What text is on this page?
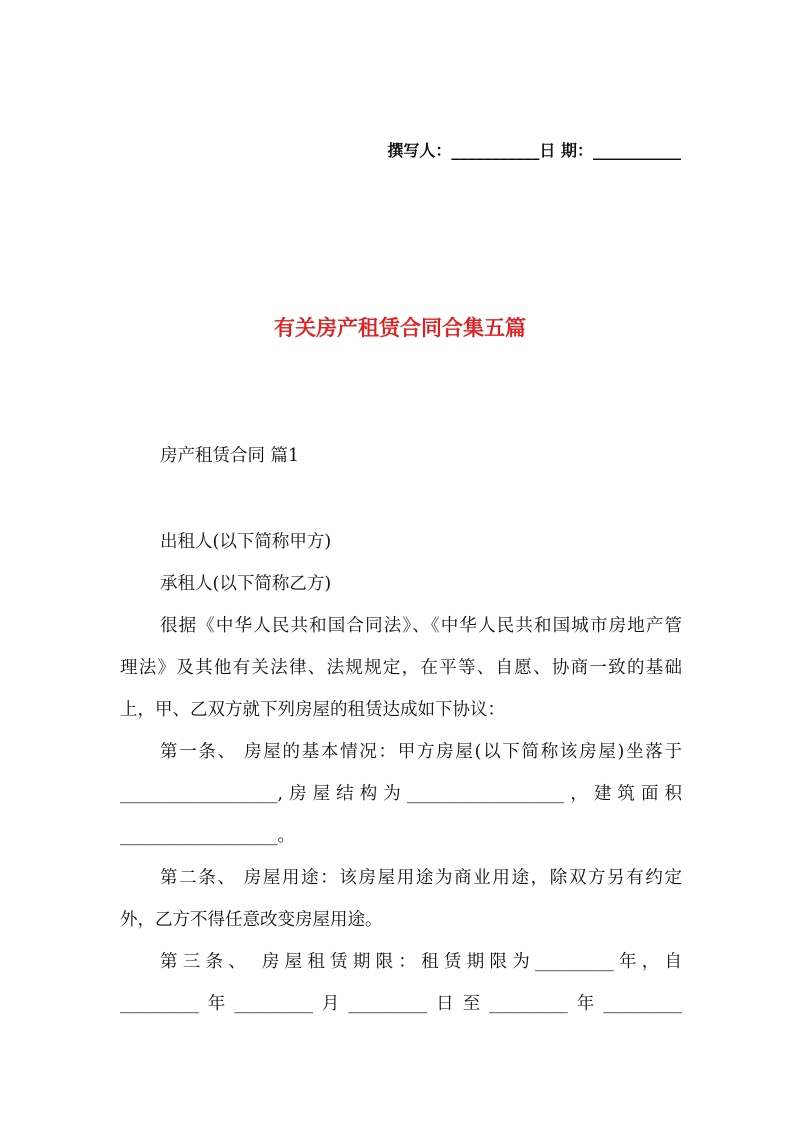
撰写人：___________日 期：___________
有关房产租赁合同合集五篇
房产租赁合同 篇1
出租人(以下简称甲方)
承租人(以下简称乙方)
很据《中华人民共和国合同法》、《中华人民共和国城市房地产管
理法》及其他有关法律、法规规定，在平等、自愿、协商一致的基础
上，甲、乙双方就下列房屋的租赁达成如下协议：
第一条、 房屋的基本情况：甲方房屋(以下简称该房屋)坐落于
__________________,房屋结构为__________________，建筑面积
__________________。
第二条、 房屋用途：该房屋用途为商业用途，除双方另有约定
外，乙方不得任意改变房屋用途。
第三条、 房屋租赁期限：租赁期限为_________年，自
_________年_________月_________日至_________年_________
